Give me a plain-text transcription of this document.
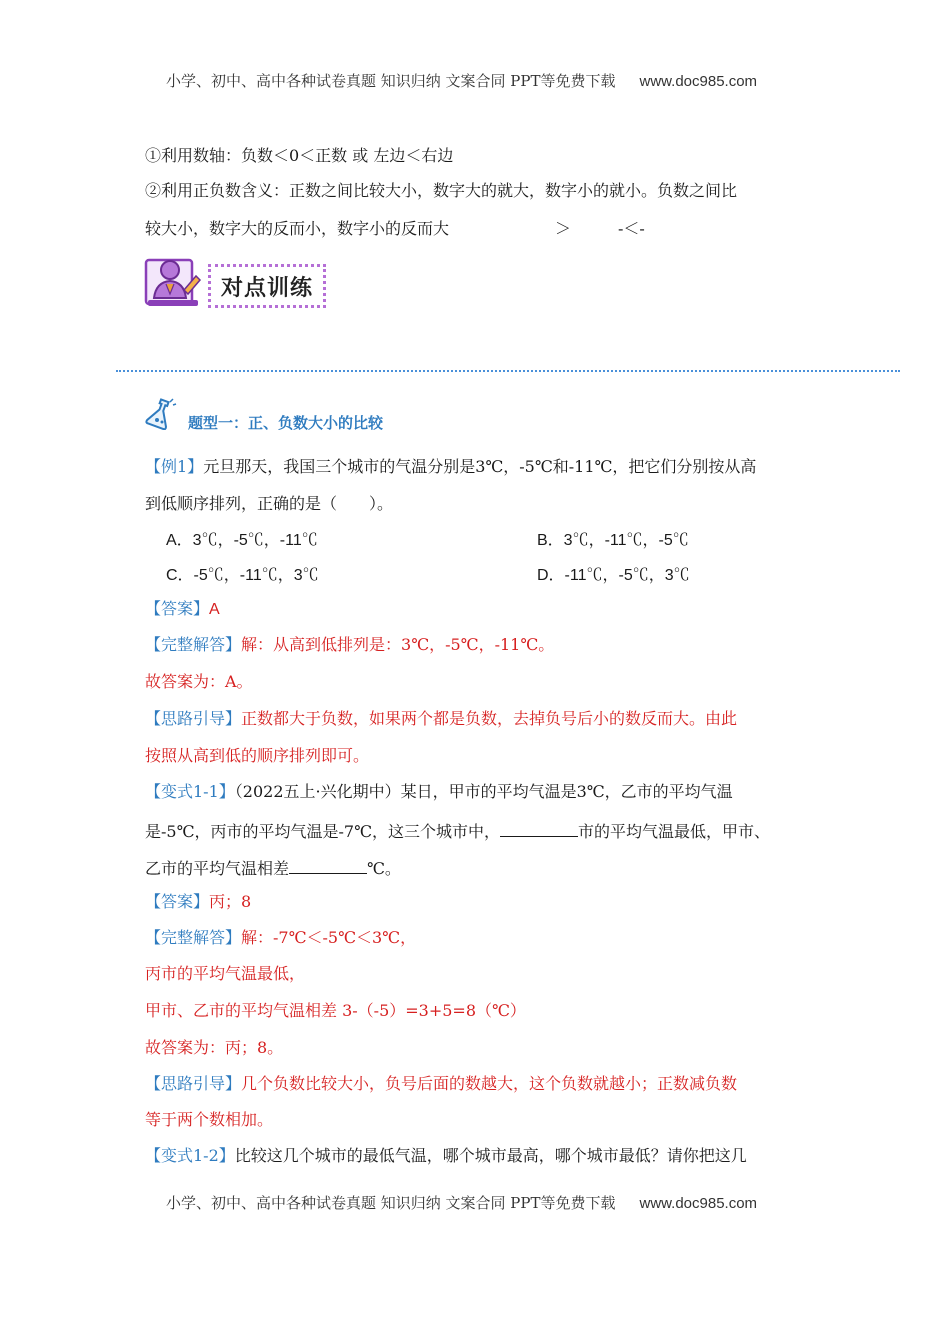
小学、初中、高中各种试卷真题 知识归纳 文案合同 PPT等免费下载 www.doc985.com
①利用数轴：负数＜0＜正数 或 左边＜右边
②利用正负数含义：正数之间比较大小，数字大的就大，数字小的就小。负数之间比
较大小，数字大的反而小，数字小的反而大	＞	-＜-
对点训练
题型一：正、负数大小的比较
【例1】元旦那天，我国三个城市的气温分别是3℃，-5℃和-11℃，把它们分别按从高
到低顺序排列，正确的是（　　）。
A．3℃，-5℃，-11℃	B．3℃，-11℃，-5℃
C．-5℃，-11℃，3℃	D．-11℃，-5℃，3℃
【答案】A
【完整解答】解：从高到低排列是：3℃，-5℃，-11℃。
故答案为：A。
【思路引导】正数都大于负数，如果两个都是负数，去掉负号后小的数反而大。由此
按照从高到低的顺序排列即可。
【变式1-1】（2022五上·兴化期中）某日，甲市的平均气温是3℃，乙市的平均气温
是-5℃，丙市的平均气温是-7℃，这三个城市中，	市的平均气温最低，甲市、
乙市的平均气温相差	℃。
【答案】丙；8
【完整解答】解：-7℃＜-5℃＜3℃，
丙市的平均气温最低，
甲市、乙市的平均气温相差 3-（-5）=3+5=8（℃）
故答案为：丙；8。
【思路引导】几个负数比较大小，负号后面的数越大，这个负数就越小；正数减负数
等于两个数相加。
【变式1-2】比较这几个城市的最低气温，哪个城市最高，哪个城市最低？请你把这几
小学、初中、高中各种试卷真题 知识归纳 文案合同 PPT等免费下载 www.doc985.com
